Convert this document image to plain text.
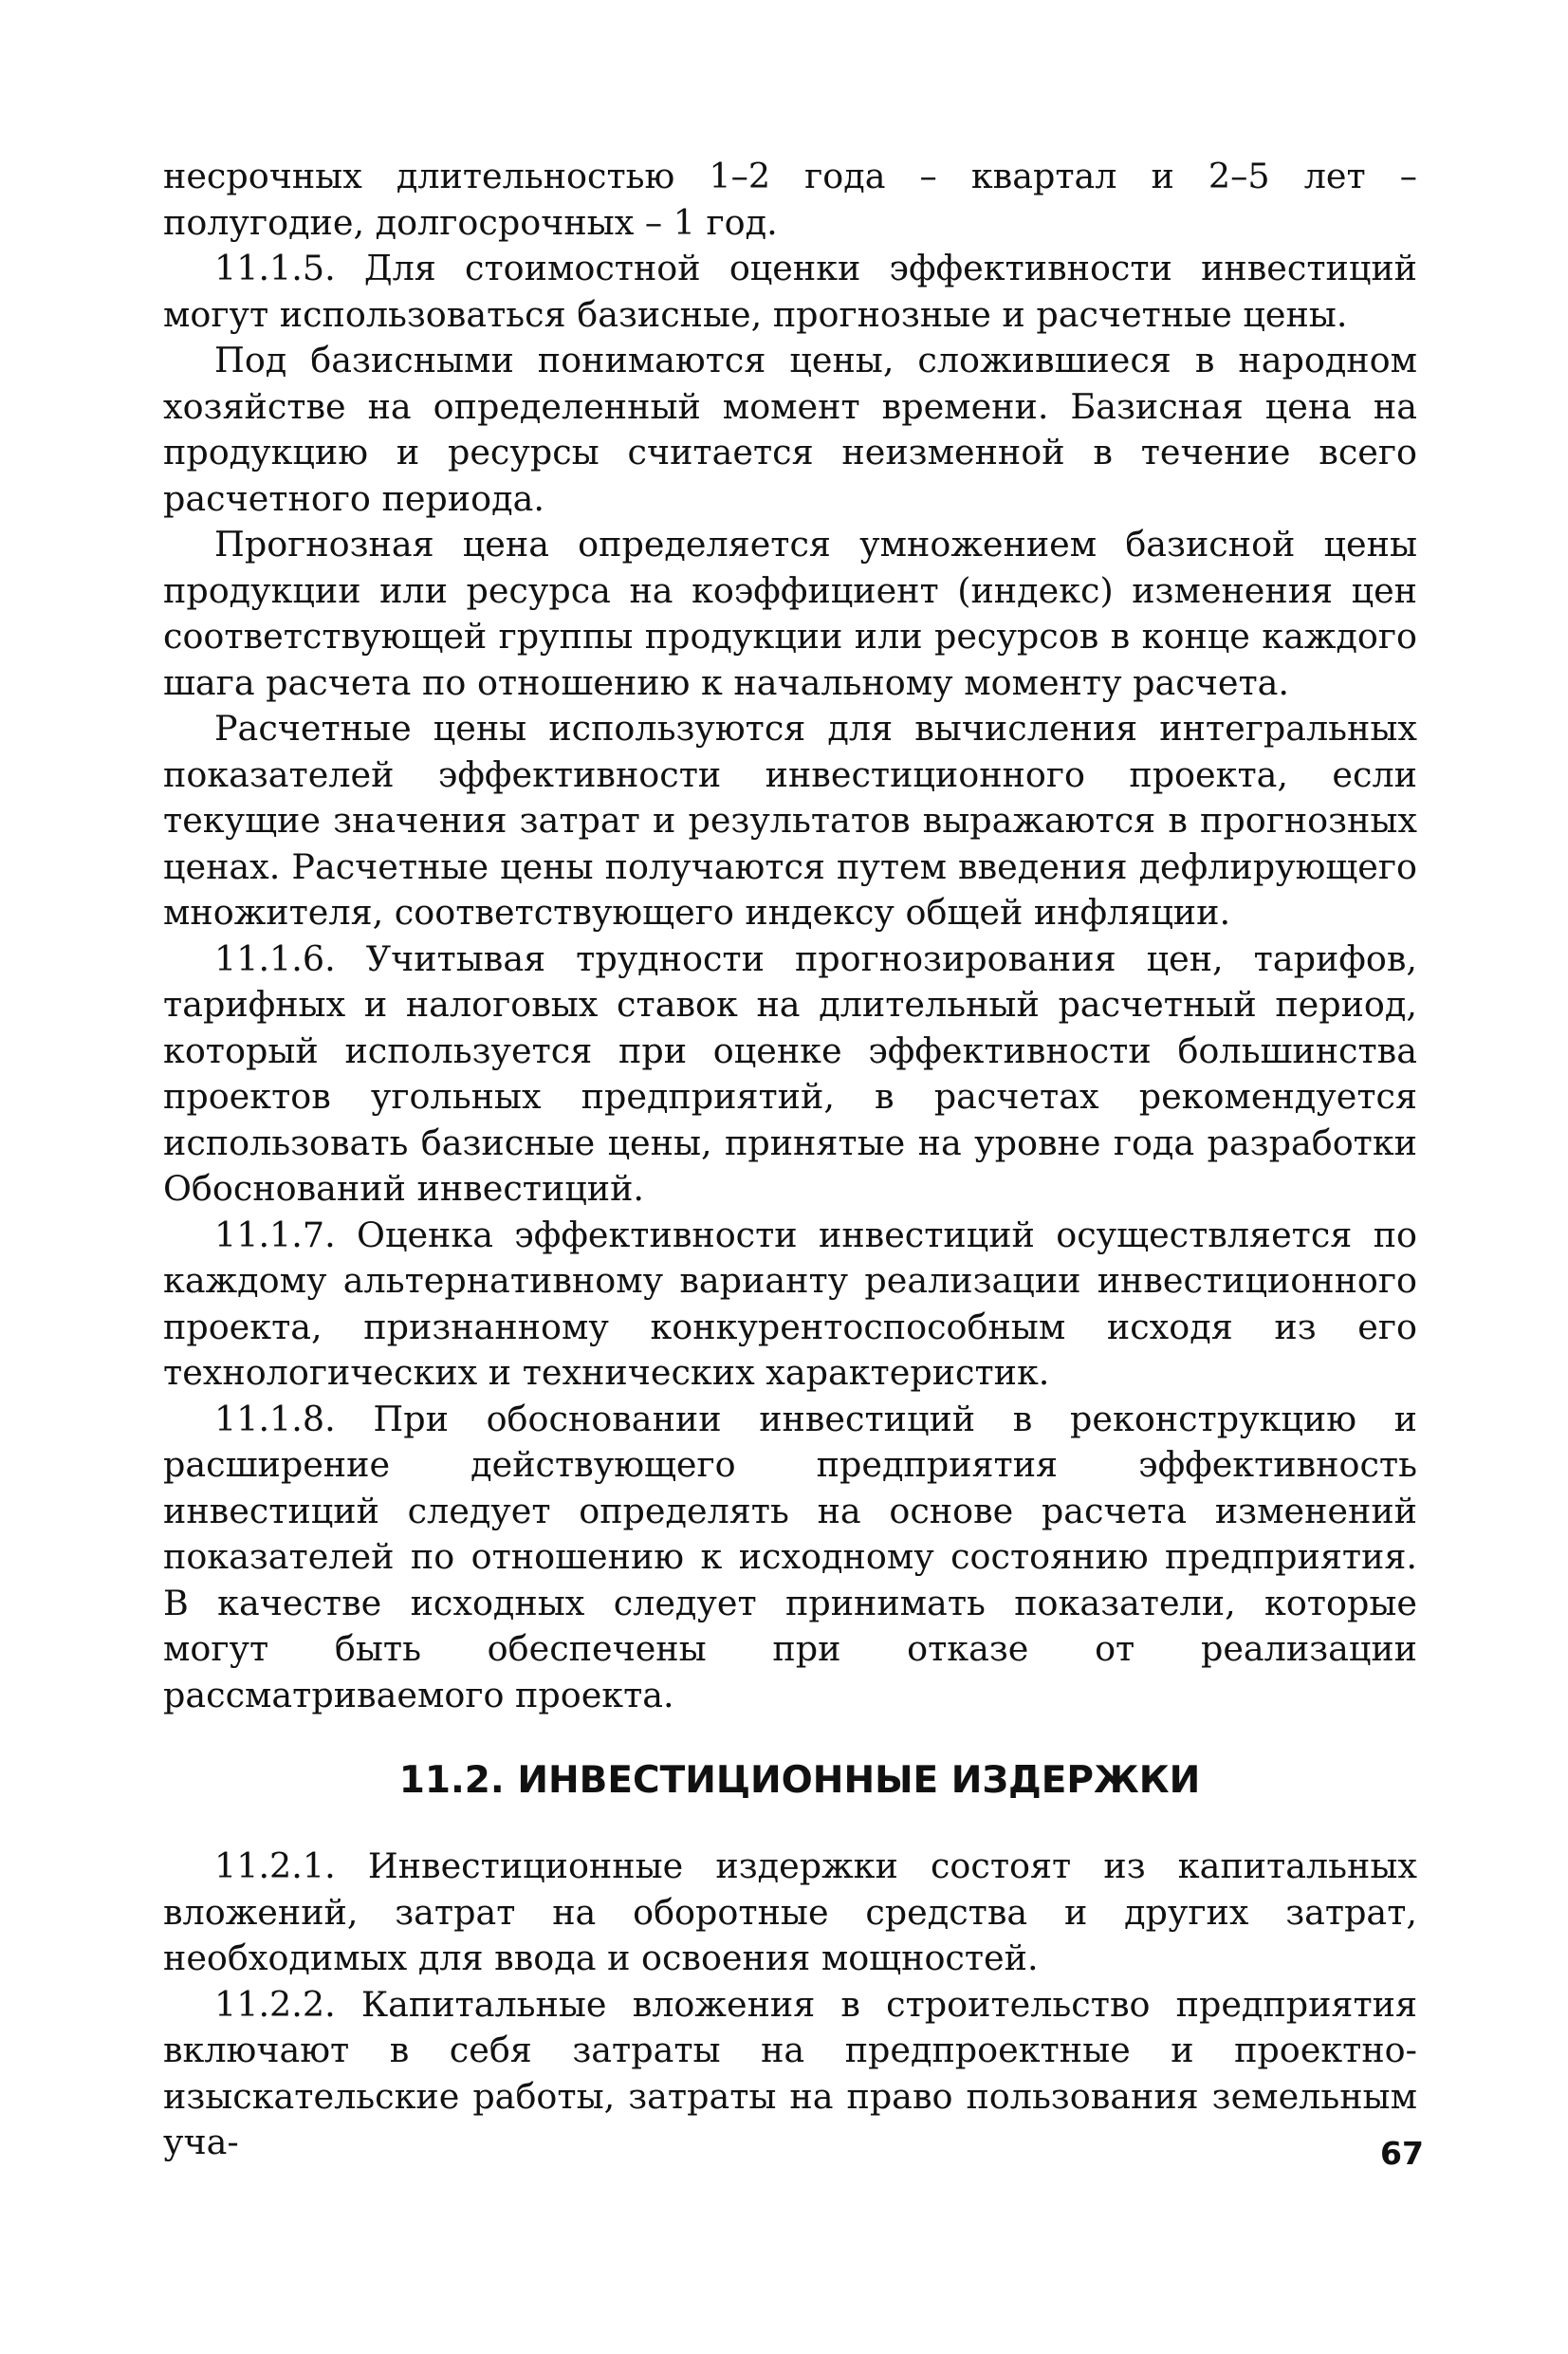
несрочных длительностью 1–2 года – квартал и 2–5 лет – полугодие, долгосрочных – 1 год.

11.1.5. Для стоимостной оценки эффективности инвестиций могут использоваться базисные, прогнозные и расчетные цены.

Под базисными понимаются цены, сложившиеся в народном хозяйстве на определенный момент времени. Базисная цена на продукцию и ресурсы считается неизменной в течение всего расчетного периода.

Прогнозная цена определяется умножением базисной цены продукции или ресурса на коэффициент (индекс) изменения цен соответствующей группы продукции или ресурсов в конце каждого шага расчета по отношению к начальному моменту расчета.

Расчетные цены используются для вычисления интегральных показателей эффективности инвестиционного проекта, если текущие значения затрат и результатов выражаются в прогнозных ценах. Расчетные цены получаются путем введения дефлирующего множителя, соответствующего индексу общей инфляции.

11.1.6. Учитывая трудности прогнозирования цен, тарифов, тарифных и налоговых ставок на длительный расчетный период, который используется при оценке эффективности большинства проектов угольных предприятий, в расчетах рекомендуется использовать базисные цены, принятые на уровне года разработки Обоснований инвестиций.

11.1.7. Оценка эффективности инвестиций осуществляется по каждому альтернативному варианту реализации инвестиционного проекта, признанному конкурентоспособным исходя из его технологических и технических характеристик.

11.1.8. При обосновании инвестиций в реконструкцию и расширение действующего предприятия эффективность инвестиций следует определять на основе расчета изменений показателей по отношению к исходному состоянию предприятия. В качестве исходных следует принимать показатели, которые могут быть обеспечены при отказе от реализации рассматриваемого проекта.

11.2. ИНВЕСТИЦИОННЫЕ ИЗДЕРЖКИ

11.2.1. Инвестиционные издержки состоят из капитальных вложений, затрат на оборотные средства и других затрат, необходимых для ввода и освоения мощностей.

11.2.2. Капитальные вложения в строительство предприятия включают в себя затраты на предпроектные и проектно-изыскательские работы, затраты на право пользования земельным уча-	67
